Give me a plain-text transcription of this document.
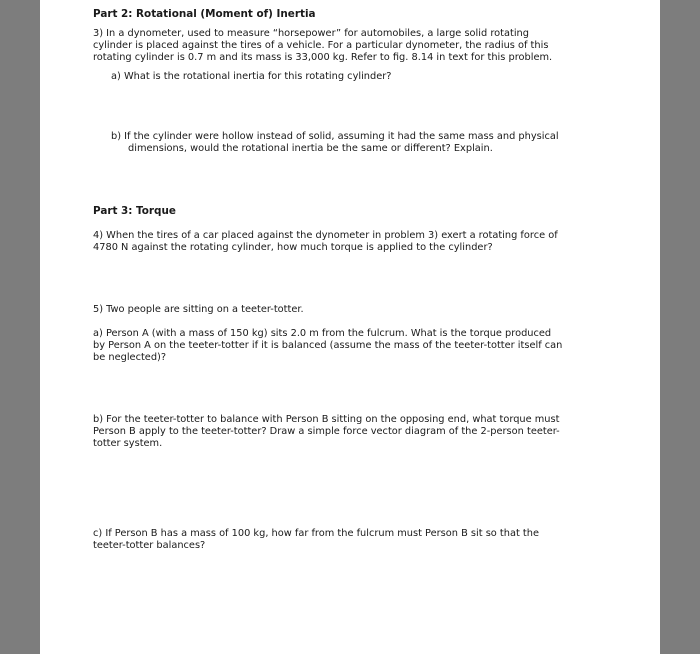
Part 2: Rotational (Moment of) Inertia

3) In a dynometer, used to measure “horsepower” for automobiles, a large solid rotating

cylinder is placed against the tires of a vehicle. For a particular dynometer, the radius of this

rotating cylinder is 0.7 m and its mass is 33,000 kg. Refer to fig. 8.14 in text for this problem.

a) What is the rotational inertia for this rotating cylinder?

b) If the cylinder were hollow instead of solid, assuming it had the same mass and physical

dimensions, would the rotational inertia be the same or different? Explain.

Part 3: Torque

4) When the tires of a car placed against the dynometer in problem 3) exert a rotating force of

4780 N against the rotating cylinder, how much torque is applied to the cylinder?

5) Two people are sitting on a teeter-totter.

a) Person A (with a mass of 150 kg) sits 2.0 m from the fulcrum. What is the torque produced

by Person A on the teeter-totter if it is balanced (assume the mass of the teeter-totter itself can

be neglected)?

b) For the teeter-totter to balance with Person B sitting on the opposing end, what torque must

Person B apply to the teeter-totter? Draw a simple force vector diagram of the 2-person teeter-

totter system.

c) If Person B has a mass of 100 kg, how far from the fulcrum must Person B sit so that the

teeter-totter balances?
